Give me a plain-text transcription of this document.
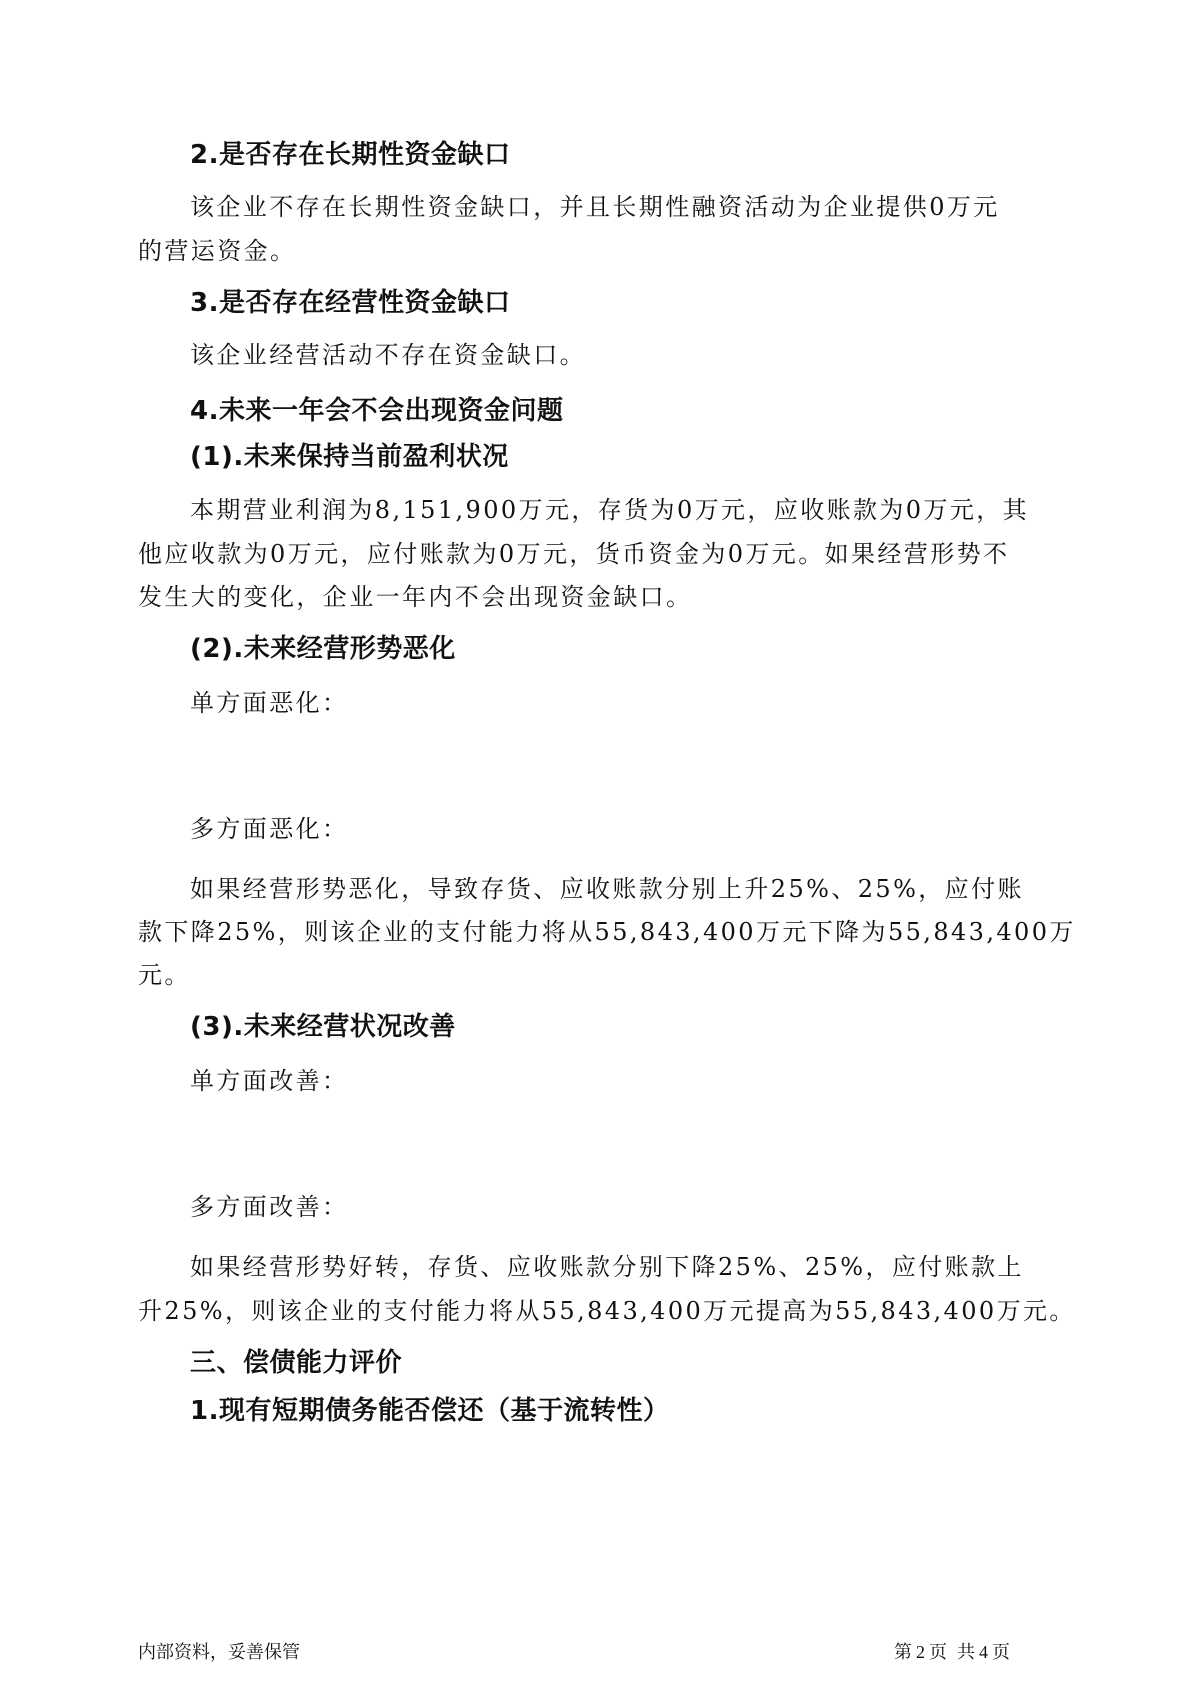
2.是否存在长期性资金缺口
该企业不存在长期性资金缺口，并且长期性融资活动为企业提供0万元
的营运资金。
3.是否存在经营性资金缺口
该企业经营活动不存在资金缺口。
4.未来一年会不会出现资金问题
(1).未来保持当前盈利状况
本期营业利润为8,151,900万元，存货为0万元，应收账款为0万元，其
他应收款为0万元，应付账款为0万元，货币资金为0万元。如果经营形势不
发生大的变化，企业一年内不会出现资金缺口。
(2).未来经营形势恶化
单方面恶化：
多方面恶化：
如果经营形势恶化，导致存货、应收账款分别上升25%、25%，应付账
款下降25%，则该企业的支付能力将从55,843,400万元下降为55,843,400万
元。
(3).未来经营状况改善
单方面改善：
多方面改善：
如果经营形势好转，存货、应收账款分别下降25%、25%，应付账款上
升25%，则该企业的支付能力将从55,843,400万元提高为55,843,400万元。
三、偿债能力评价
1.现有短期债务能否偿还（基于流转性）
内部资料，妥善保管	第 2 页 共 4 页
